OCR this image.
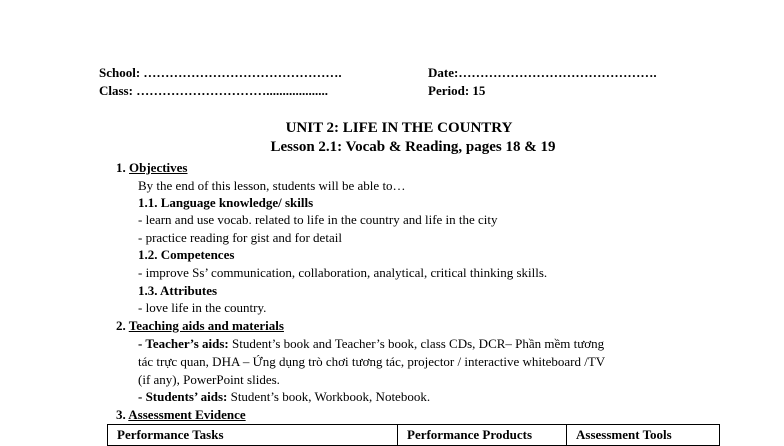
School: ……………………………………….
Class: …………………………...................
Date:……………………………………….
Period: 15
UNIT 2: LIFE IN THE COUNTRY
Lesson 2.1: Vocab & Reading, pages 18 & 19
1. Objectives
By the end of this lesson, students will be able to…
1.1. Language knowledge/ skills
- learn and use vocab. related to life in the country and life in the city
- practice reading for gist and for detail
1.2. Competences
- improve Ss’ communication, collaboration, analytical, critical thinking skills.
1.3. Attributes
- love life in the country.
2. Teaching aids and materials
- Teacher’s aids: Student’s book and Teacher’s book, class CDs, DCR– Phần mềm tương
tác trực quan, DHA – Ứng dụng trò chơi tương tác, projector / interactive whiteboard /TV
(if any), PowerPoint slides.
- Students’ aids: Student’s book, Workbook, Notebook.
3. Assessment Evidence
Performance Tasks	Performance Products	Assessment Tools
